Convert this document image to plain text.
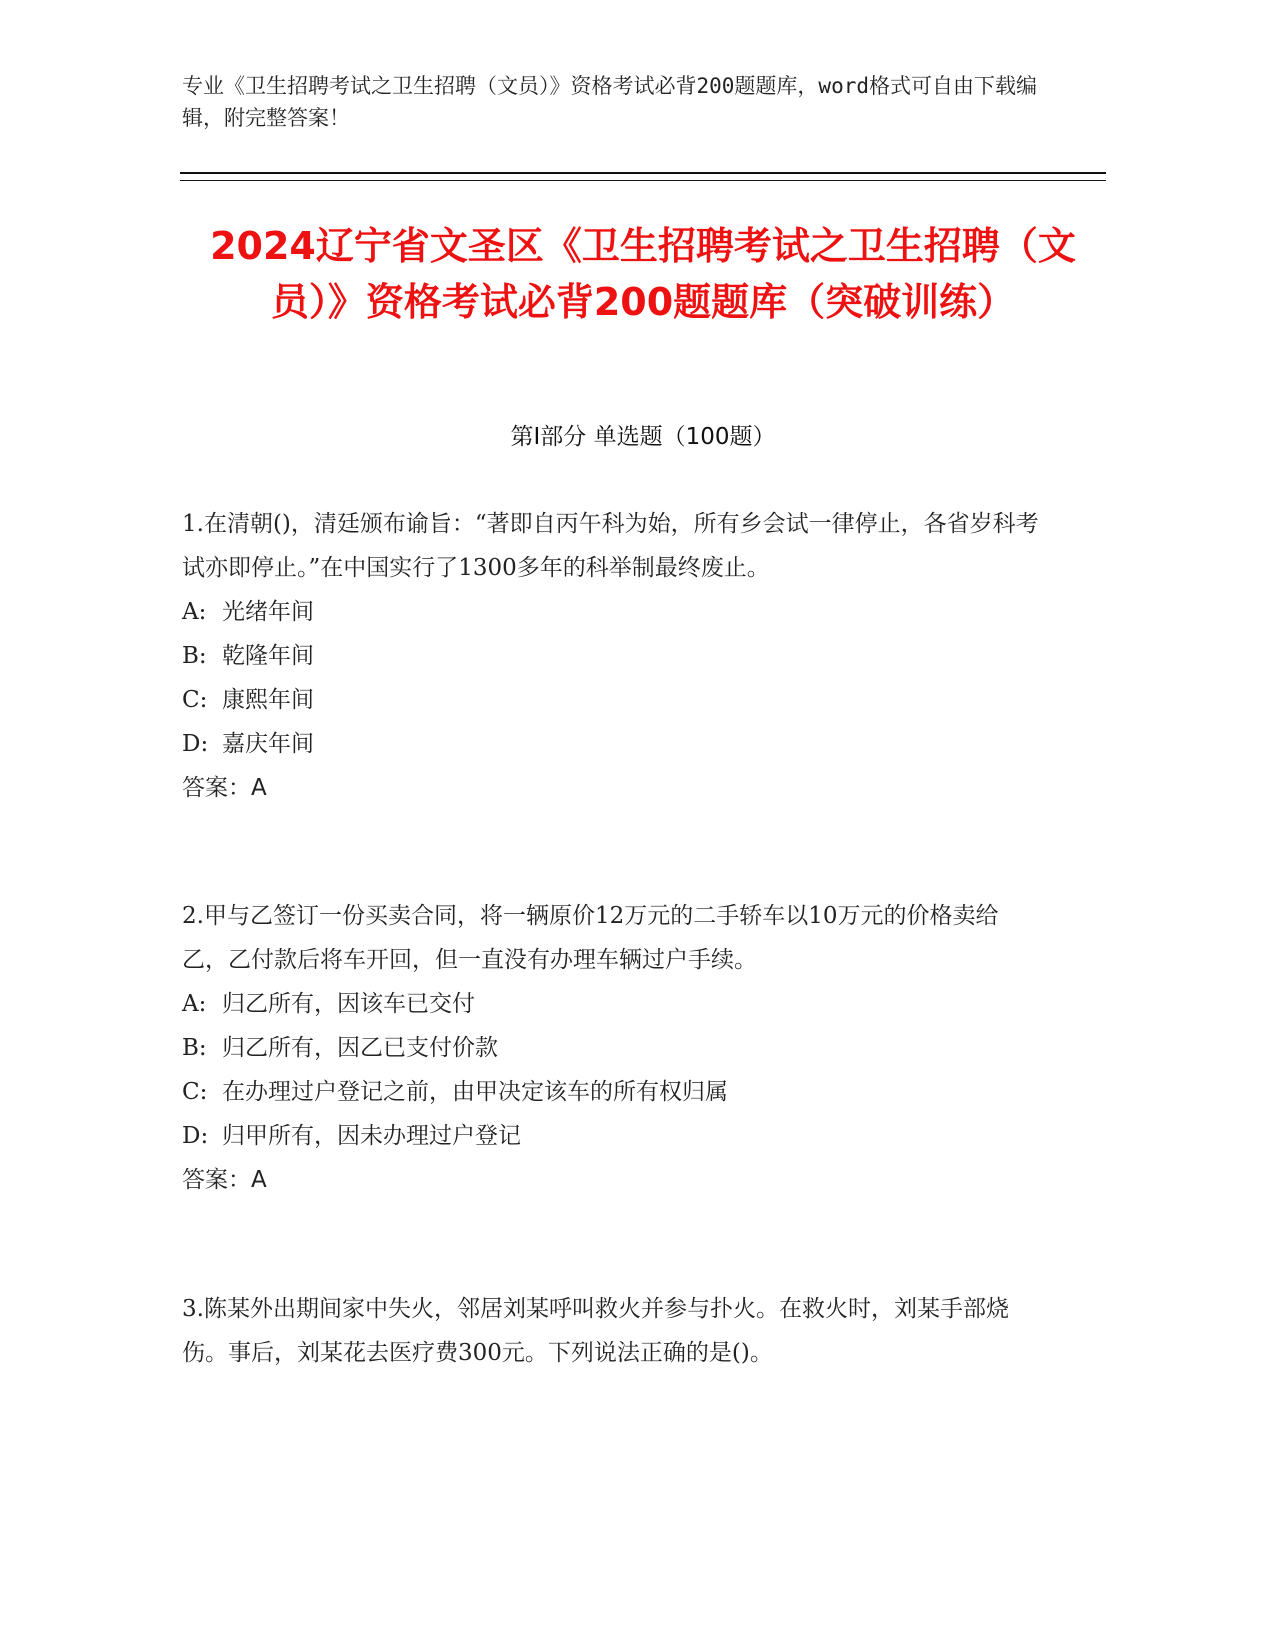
专业《卫生招聘考试之卫生招聘（文员）》资格考试必背200题题库，word格式可自由下载编辑，附完整答案！
2024辽宁省文圣区《卫生招聘考试之卫生招聘（文员）》资格考试必背200题题库（突破训练）
第Ⅰ部分 单选题（100题）

1.在清朝()，清廷颁布谕旨：“著即自丙午科为始，所有乡会试一律停止，各省岁科考试亦即停止。”在中国实行了1300多年的科举制最终废止。

A: 光绪年间

B: 乾隆年间

C: 康熙年间

D: 嘉庆年间

答案：A

2.甲与乙签订一份买卖合同，将一辆原价12万元的二手轿车以10万元的价格卖给乙，乙付款后将车开回，但一直没有办理车辆过户手续。

A: 归乙所有，因该车已交付

B: 归乙所有，因乙已支付价款

C: 在办理过户登记之前，由甲决定该车的所有权归属

D: 归甲所有，因未办理过户登记

答案：A

3.陈某外出期间家中失火，邻居刘某呼叫救火并参与扑火。在救火时，刘某手部烧伤。事后，刘某花去医疗费300元。下列说法正确的是()。
